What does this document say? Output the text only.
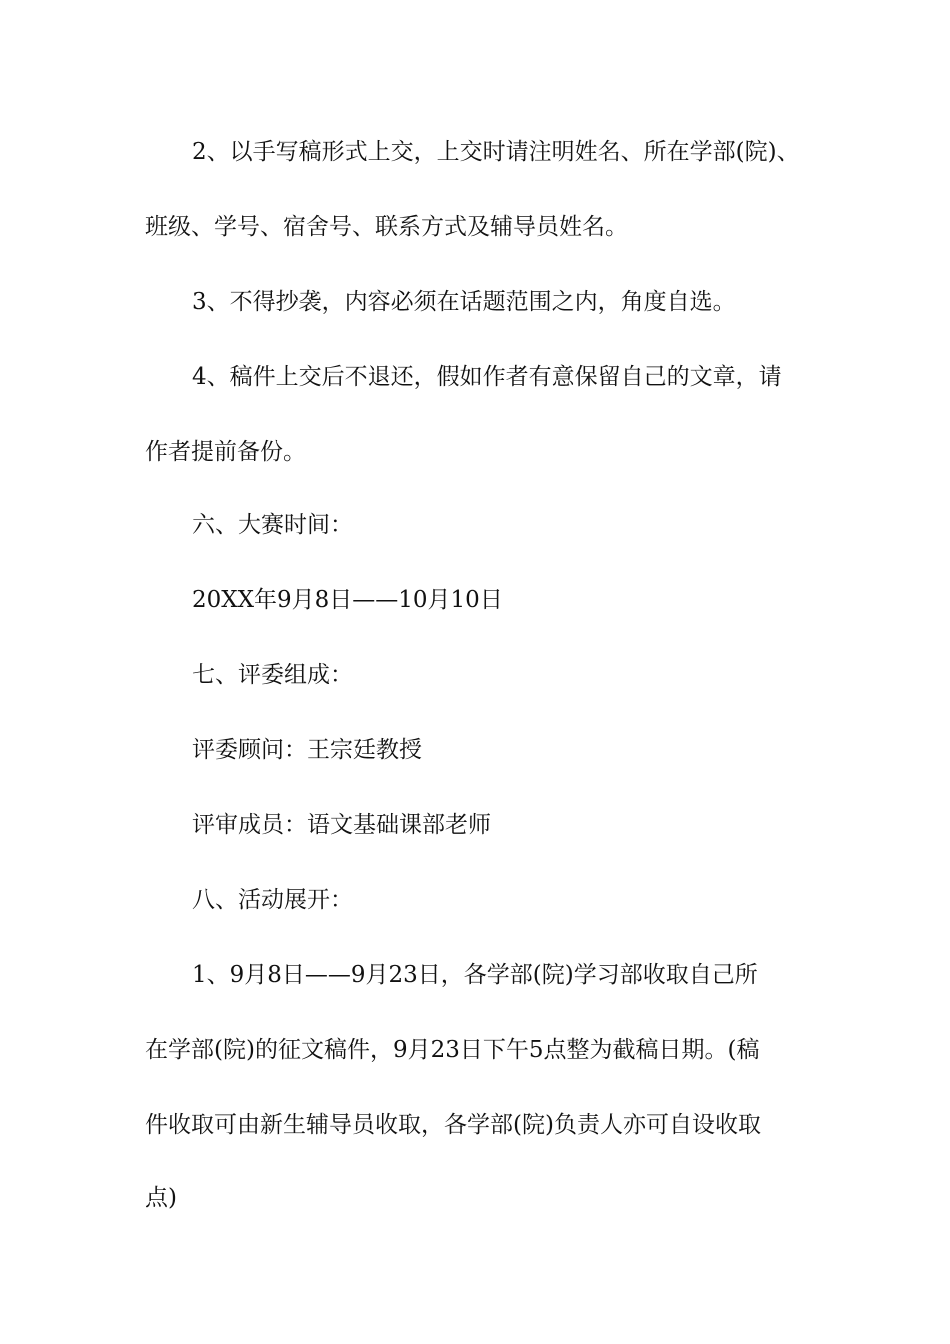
2、以手写稿形式上交，上交时请注明姓名、所在学部(院)、
班级、学号、宿舍号、联系方式及辅导员姓名。
3、不得抄袭，内容必须在话题范围之内，角度自选。
4、稿件上交后不退还，假如作者有意保留自己的文章，请
作者提前备份。
六、大赛时间：
20XX年9月8日——10月10日
七、评委组成：
评委顾问：王宗廷教授
评审成员：语文基础课部老师
八、活动展开：
1、9月8日——9月23日，各学部(院)学习部收取自己所
在学部(院)的征文稿件，9月23日下午5点整为截稿日期。(稿
件收取可由新生辅导员收取，各学部(院)负责人亦可自设收取
点)
